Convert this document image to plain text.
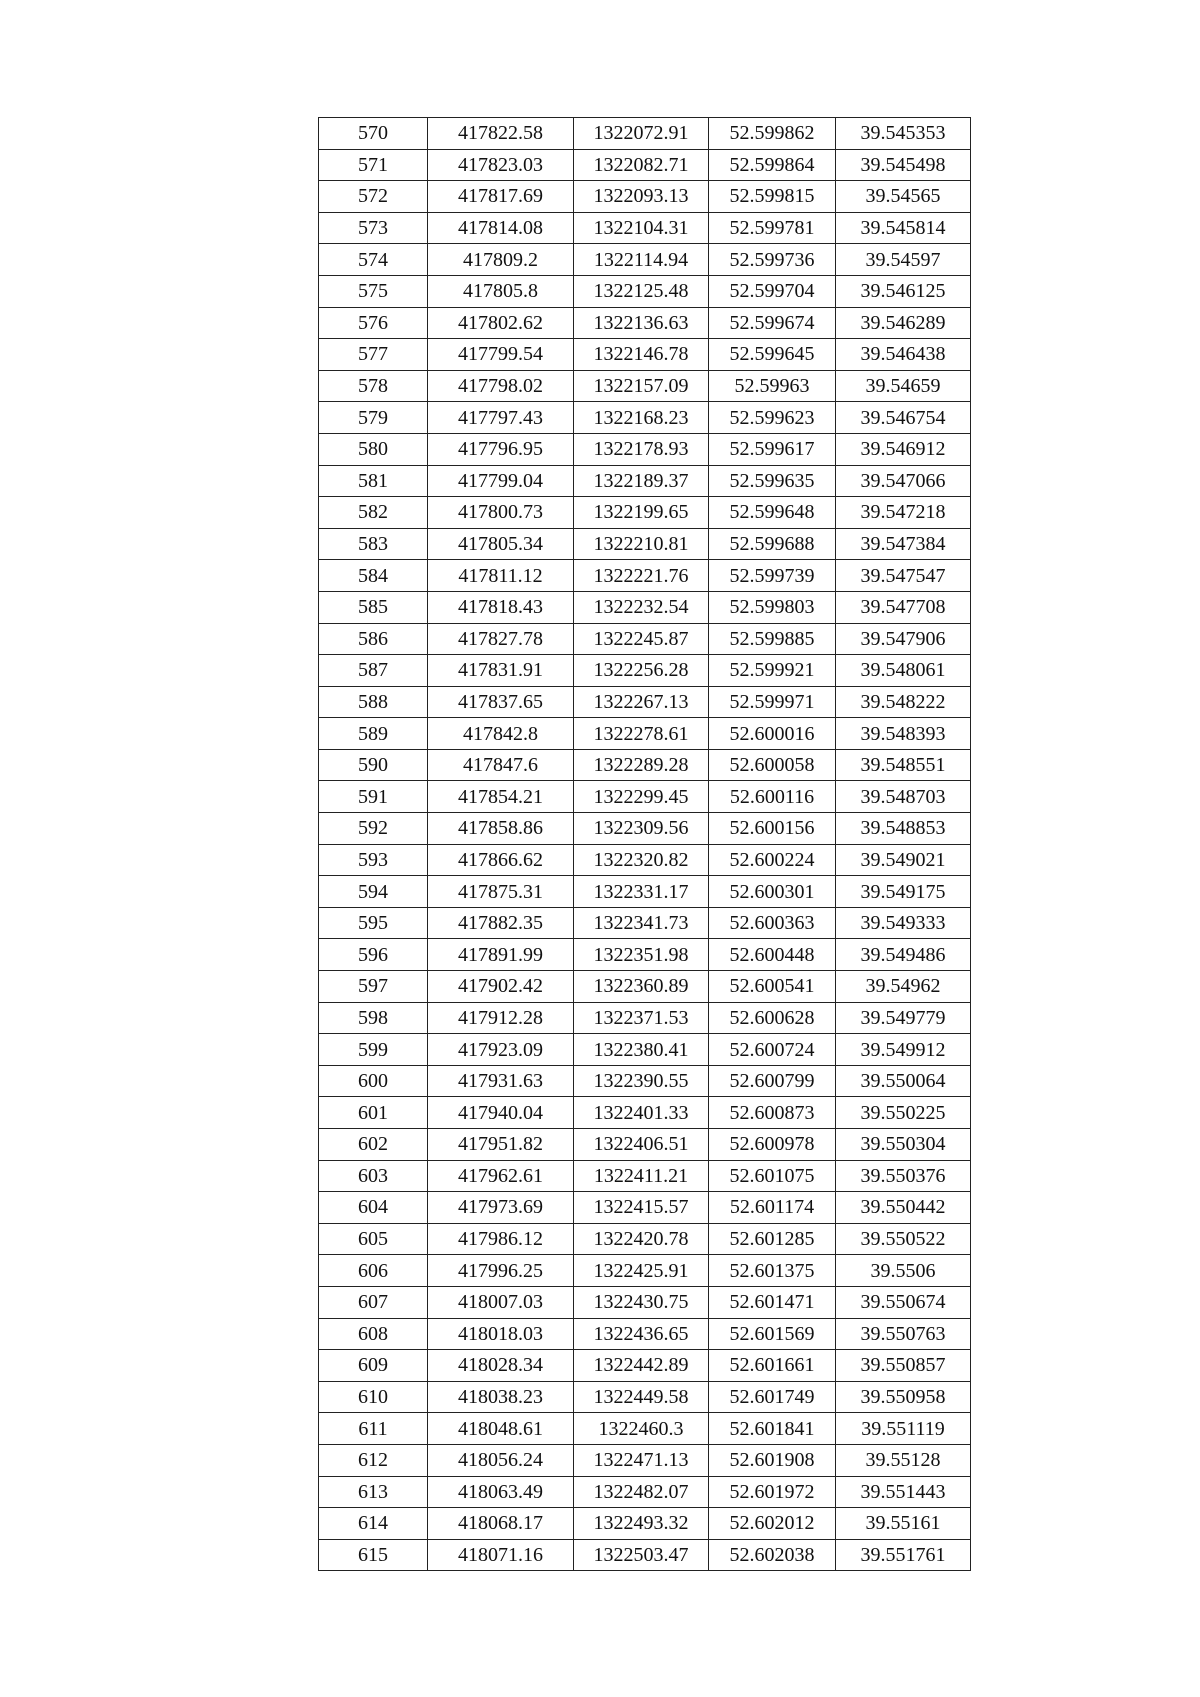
570	417822.58	1322072.91	52.599862	39.545353
571	417823.03	1322082.71	52.599864	39.545498
572	417817.69	1322093.13	52.599815	39.54565
573	417814.08	1322104.31	52.599781	39.545814
574	417809.2	1322114.94	52.599736	39.54597
575	417805.8	1322125.48	52.599704	39.546125
576	417802.62	1322136.63	52.599674	39.546289
577	417799.54	1322146.78	52.599645	39.546438
578	417798.02	1322157.09	52.59963	39.54659
579	417797.43	1322168.23	52.599623	39.546754
580	417796.95	1322178.93	52.599617	39.546912
581	417799.04	1322189.37	52.599635	39.547066
582	417800.73	1322199.65	52.599648	39.547218
583	417805.34	1322210.81	52.599688	39.547384
584	417811.12	1322221.76	52.599739	39.547547
585	417818.43	1322232.54	52.599803	39.547708
586	417827.78	1322245.87	52.599885	39.547906
587	417831.91	1322256.28	52.599921	39.548061
588	417837.65	1322267.13	52.599971	39.548222
589	417842.8	1322278.61	52.600016	39.548393
590	417847.6	1322289.28	52.600058	39.548551
591	417854.21	1322299.45	52.600116	39.548703
592	417858.86	1322309.56	52.600156	39.548853
593	417866.62	1322320.82	52.600224	39.549021
594	417875.31	1322331.17	52.600301	39.549175
595	417882.35	1322341.73	52.600363	39.549333
596	417891.99	1322351.98	52.600448	39.549486
597	417902.42	1322360.89	52.600541	39.54962
598	417912.28	1322371.53	52.600628	39.549779
599	417923.09	1322380.41	52.600724	39.549912
600	417931.63	1322390.55	52.600799	39.550064
601	417940.04	1322401.33	52.600873	39.550225
602	417951.82	1322406.51	52.600978	39.550304
603	417962.61	1322411.21	52.601075	39.550376
604	417973.69	1322415.57	52.601174	39.550442
605	417986.12	1322420.78	52.601285	39.550522
606	417996.25	1322425.91	52.601375	39.5506
607	418007.03	1322430.75	52.601471	39.550674
608	418018.03	1322436.65	52.601569	39.550763
609	418028.34	1322442.89	52.601661	39.550857
610	418038.23	1322449.58	52.601749	39.550958
611	418048.61	1322460.3	52.601841	39.551119
612	418056.24	1322471.13	52.601908	39.55128
613	418063.49	1322482.07	52.601972	39.551443
614	418068.17	1322493.32	52.602012	39.55161
615	418071.16	1322503.47	52.602038	39.551761
